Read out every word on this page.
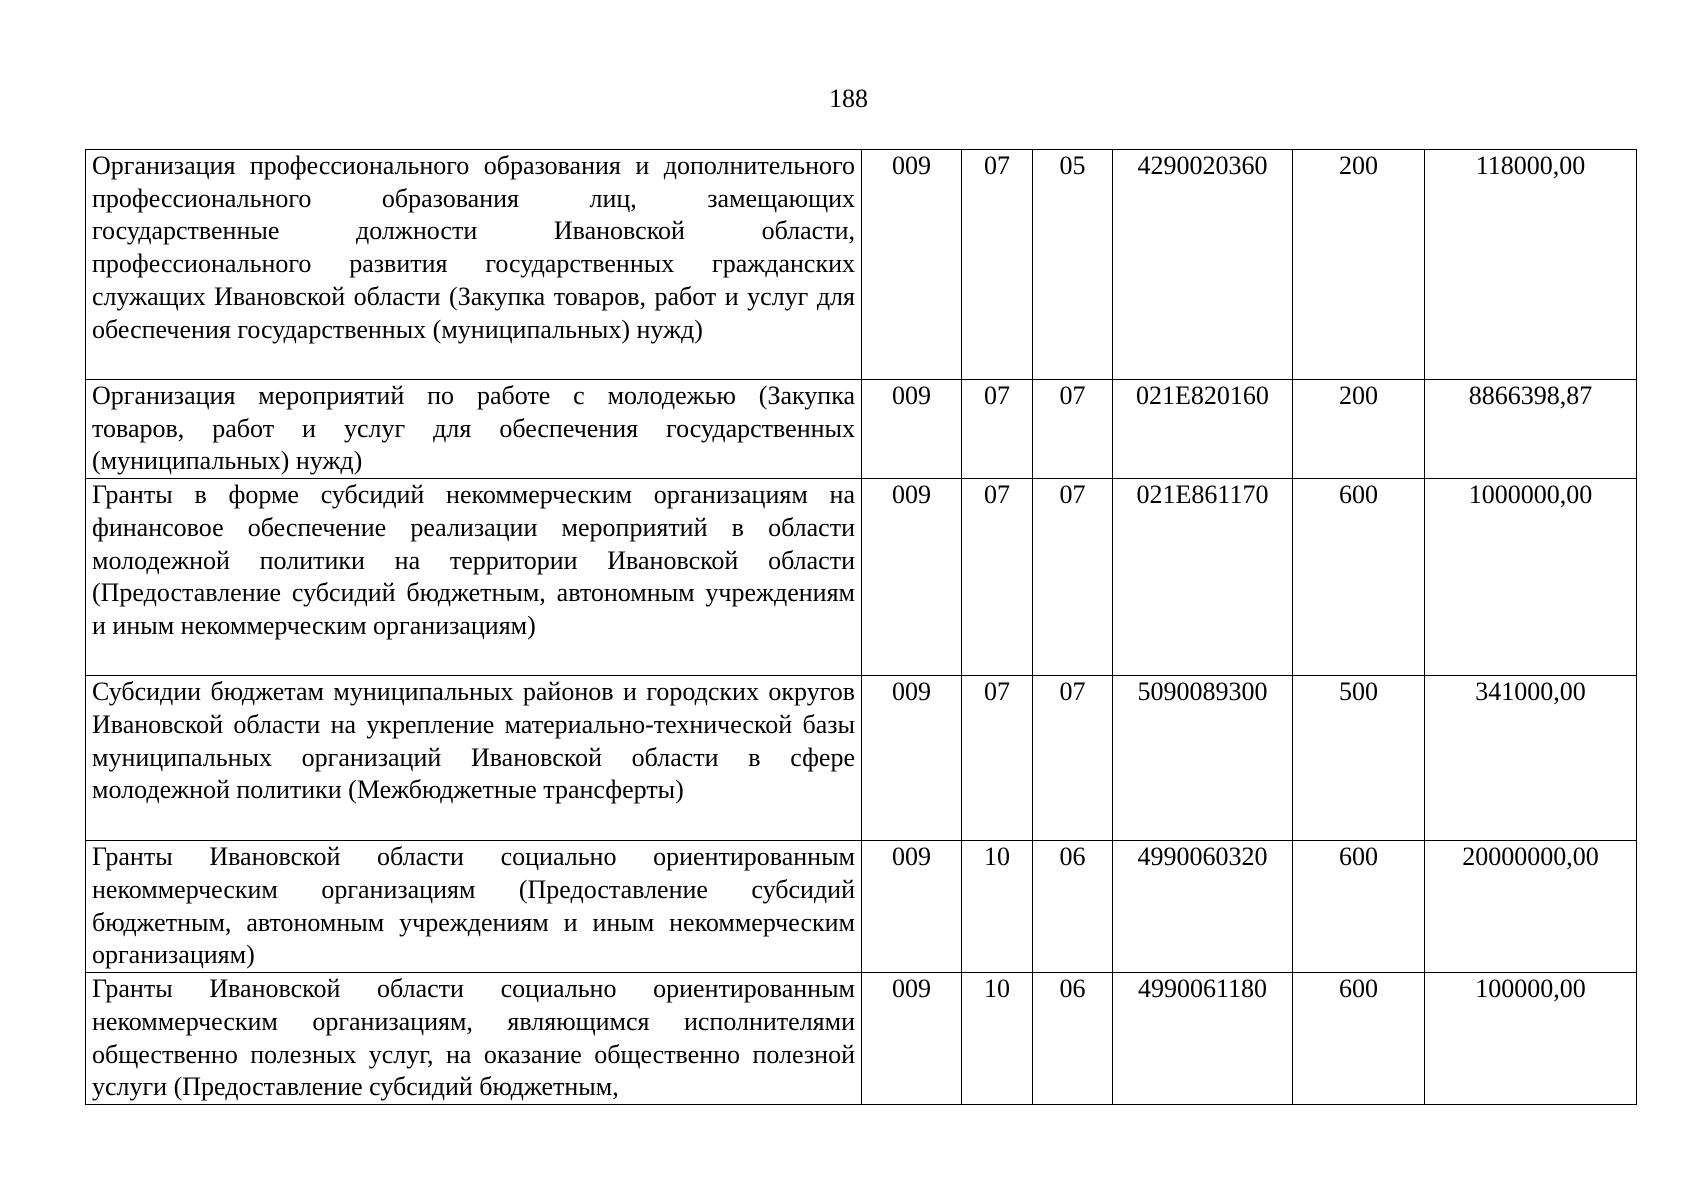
188
Организация профессионального образования и дополнительного профессионального образования лиц, замещающих государственные должности Ивановской области, профессионального развития государственных гражданских служащих Ивановской области (Закупка товаров, работ и услуг для обеспечения государственных (муниципальных) нужд)	009	07	05	4290020360	200	118000,00
Организация мероприятий по работе с молодежью (Закупка товаров, работ и услуг для обеспечения государственных (муниципальных) нужд)	009	07	07	021E820160	200	8866398,87
Гранты в форме субсидий некоммерческим организациям на финансовое обеспечение реализации мероприятий в области молодежной политики на территории Ивановской области (Предоставление субсидий бюджетным, автономным учреждениям и иным некоммерческим организациям)	009	07	07	021E861170	600	1000000,00
Субсидии бюджетам муниципальных районов и городских округов Ивановской области на укрепление материально-технической базы муниципальных организаций Ивановской области в сфере молодежной политики (Межбюджетные трансферты)	009	07	07	5090089300	500	341000,00
Гранты Ивановской области социально ориентированным некоммерческим организациям (Предоставление субсидий бюджетным, автономным учреждениям и иным некоммерческим организациям)	009	10	06	4990060320	600	20000000,00
Гранты Ивановской области социально ориентированным некоммерческим организациям, являющимся исполнителями общественно полезных услуг, на оказание общественно полезной услуги (Предоставление субсидий бюджетным,	009	10	06	4990061180	600	100000,00
